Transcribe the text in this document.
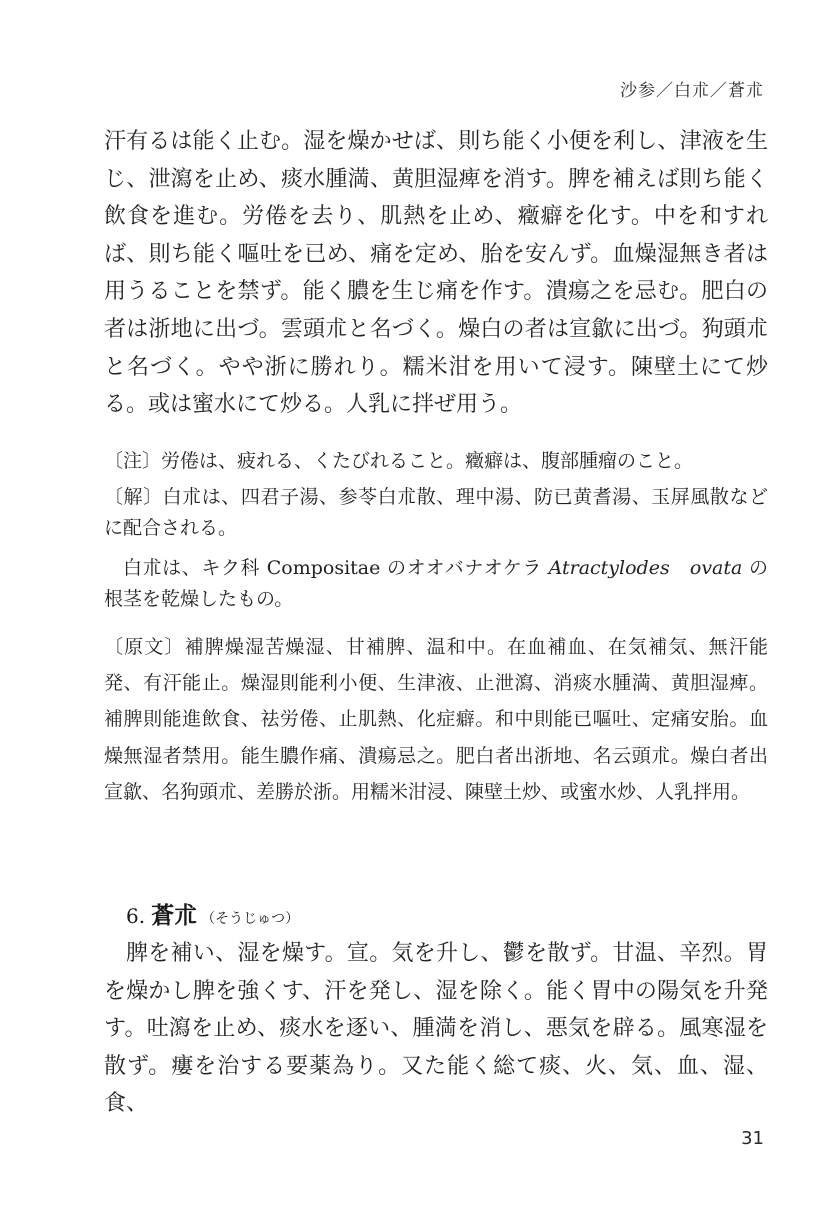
沙参／白朮／蒼朮
汗有るは能く止む。湿を燥かせば、則ち能く小便を利し、津液を生じ、泄瀉を止め、痰水腫満、黄胆湿痺を消す。脾を補えば則ち能く飲食を進む。労倦を去り、肌熱を止め、癥癖を化す。中を和すれば、則ち能く嘔吐を已め、痛を定め、胎を安んず。血燥湿無き者は用うることを禁ず。能く膿を生じ痛を作す。潰瘍之を忌む。肥白の者は浙地に出づ。雲頭朮と名づく。燥白の者は宣歙に出づ。狗頭朮と名づく。やや浙に勝れり。糯米泔を用いて浸す。陳壁土にて炒る。或は蜜水にて炒る。人乳に拌ぜ用う。
〔注〕労倦は、疲れる、くたびれること。癥癖は、腹部腫瘤のこと。
〔解〕白朮は、四君子湯、参苓白朮散、理中湯、防已黄耆湯、玉屏風散などに配合される。
白朮は、キク科 Compositae のオオバナオケラ Atractylodes　ovata の根茎を乾燥したもの。
〔原文〕補脾燥湿苦燥湿、甘補脾、温和中。在血補血、在気補気、無汗能発、有汗能止。燥湿則能利小便、生津液、止泄瀉、消痰水腫満、黄胆湿痺。補脾則能進飲食、祛労倦、止肌熱、化症癖。和中則能已嘔吐、定痛安胎。血燥無湿者禁用。能生膿作痛、潰瘍忌之。肥白者出浙地、名云頭朮。燥白者出宣歙、名狗頭朮、差勝於浙。用糯米泔浸、陳壁土炒、或蜜水炒、人乳拌用。
6. 蒼朮 （そうじゅつ）
脾を補い、湿を燥す。宣。気を升し、鬱を散ず。甘温、辛烈。胃を燥かし脾を強くす、汗を発し、湿を除く。能く胃中の陽気を升発す。吐瀉を止め、痰水を逐い、腫満を消し、悪気を辟る。風寒湿を散ず。瘻を治する要薬為り。又た能く総て痰、火、気、血、湿、食、
31
